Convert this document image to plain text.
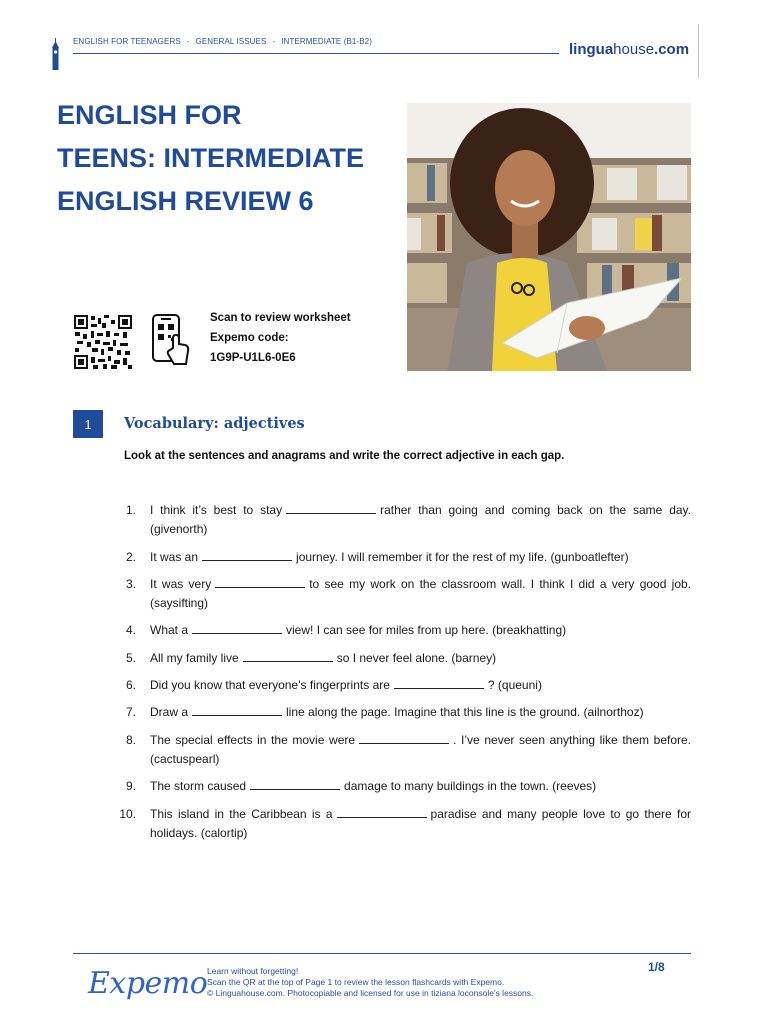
ENGLISH FOR TEENAGERS - GENERAL ISSUES - INTERMEDIATE (B1-B2)	linguahouse.com
ENGLISH FOR
TEENS: INTERMEDIATE
ENGLISH REVIEW 6
Scan to review worksheet
Expemo code:
1G9P-U1L6-0E6
1	Vocabulary: adjectives
Look at the sentences and anagrams and write the correct adjective in each gap.
1. I think it’s best to stay	rather than going and coming back on the same day. (givenorth)
2. It was an	journey. I will remember it for the rest of my life. (gunboatlefter)
3. It was very	to see my work on the classroom wall. I think I did a very good job. (saysifting)
4. What a	view! I can see for miles from up here. (breakhatting)
5. All my family live	so I never feel alone. (barney)
6. Did you know that everyone’s fingerprints are	? (queuni)
7. Draw a	line along the page. Imagine that this line is the ground. (ailnorthoz)
8. The special effects in the movie were	. I’ve never seen anything like them before. (cactuspearl)
9. The storm caused	damage to many buildings in the town. (reeves)
10. This island in the Caribbean is a	paradise and many people love to go there for holidays. (calortip)
Expemo Learn without forgetting!
Scan the QR at the top of Page 1 to review the lesson flashcards with Expemo.
© Linguahouse.com. Photocopiable and licensed for use in tiziana loconsole's lessons.
1/8
